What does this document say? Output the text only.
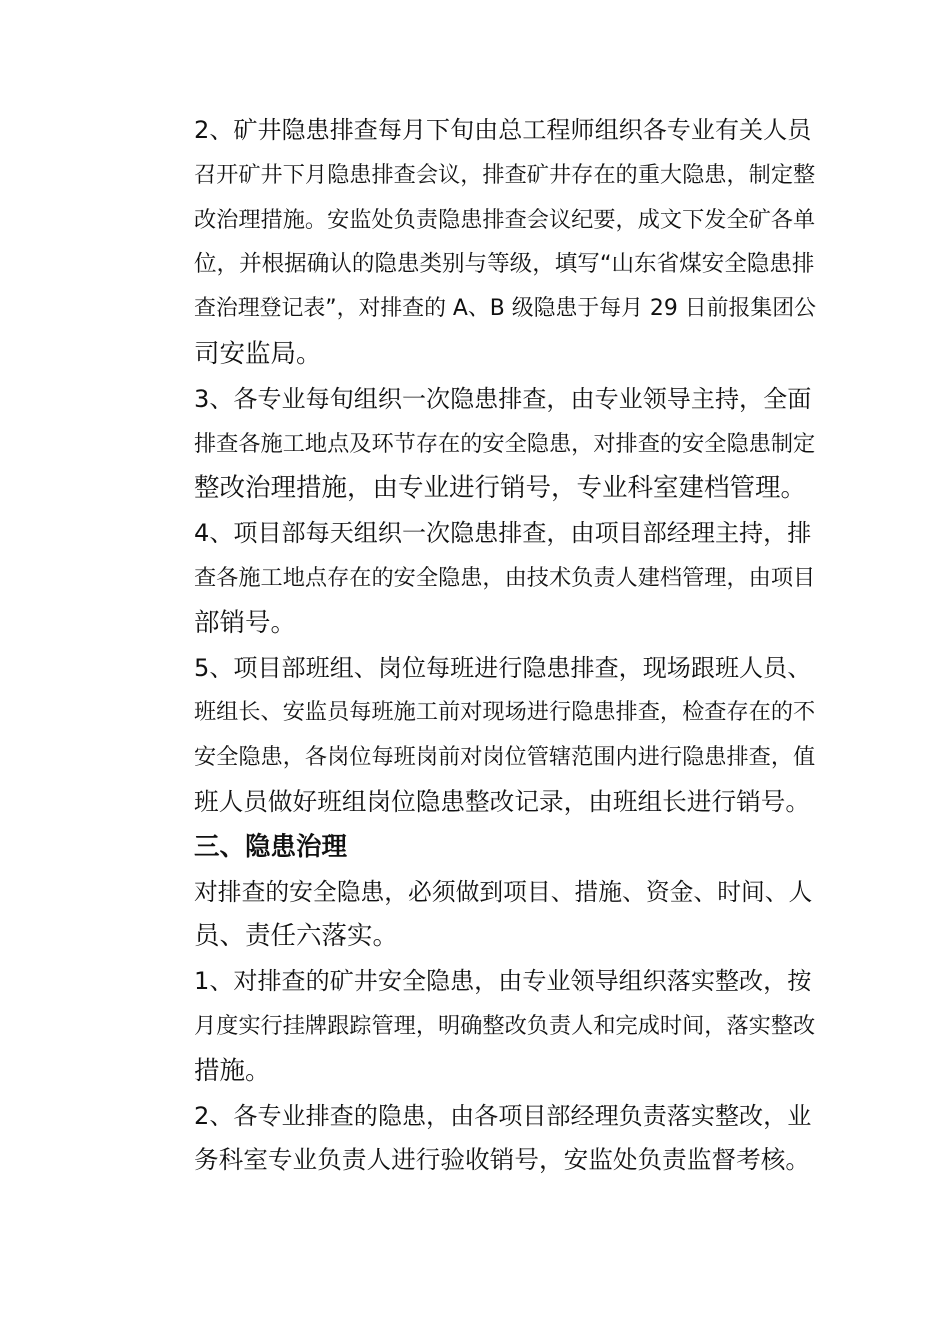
2、矿井隐患排查每月下旬由总工程师组织各专业有关人员
召开矿井下月隐患排查会议，排查矿井存在的重大隐患，制定整
改治理措施。安监处负责隐患排查会议纪要，成文下发全矿各单
位，并根据确认的隐患类别与等级，填写“山东省煤安全隐患排
查治理登记表”，对排查的 A、B 级隐患于每月 29 日前报集团公
司安监局。

3、各专业每旬组织一次隐患排查，由专业领导主持，全面
排查各施工地点及环节存在的安全隐患，对排查的安全隐患制定
整改治理措施，由专业进行销号，专业科室建档管理。

4、项目部每天组织一次隐患排查，由项目部经理主持，排
查各施工地点存在的安全隐患，由技术负责人建档管理，由项目
部销号。

5、项目部班组、岗位每班进行隐患排查，现场跟班人员、
班组长、安监员每班施工前对现场进行隐患排查，检查存在的不
安全隐患，各岗位每班岗前对岗位管辖范围内进行隐患排查，值
班人员做好班组岗位隐患整改记录，由班组长进行销号。

三、隐患治理

对排查的安全隐患，必须做到项目、措施、资金、时间、人
员、责任六落实。

1、对排查的矿井安全隐患，由专业领导组织落实整改，按
月度实行挂牌跟踪管理，明确整改负责人和完成时间，落实整改
措施。

2、各专业排查的隐患，由各项目部经理负责落实整改，业
务科室专业负责人进行验收销号，安监处负责监督考核。
